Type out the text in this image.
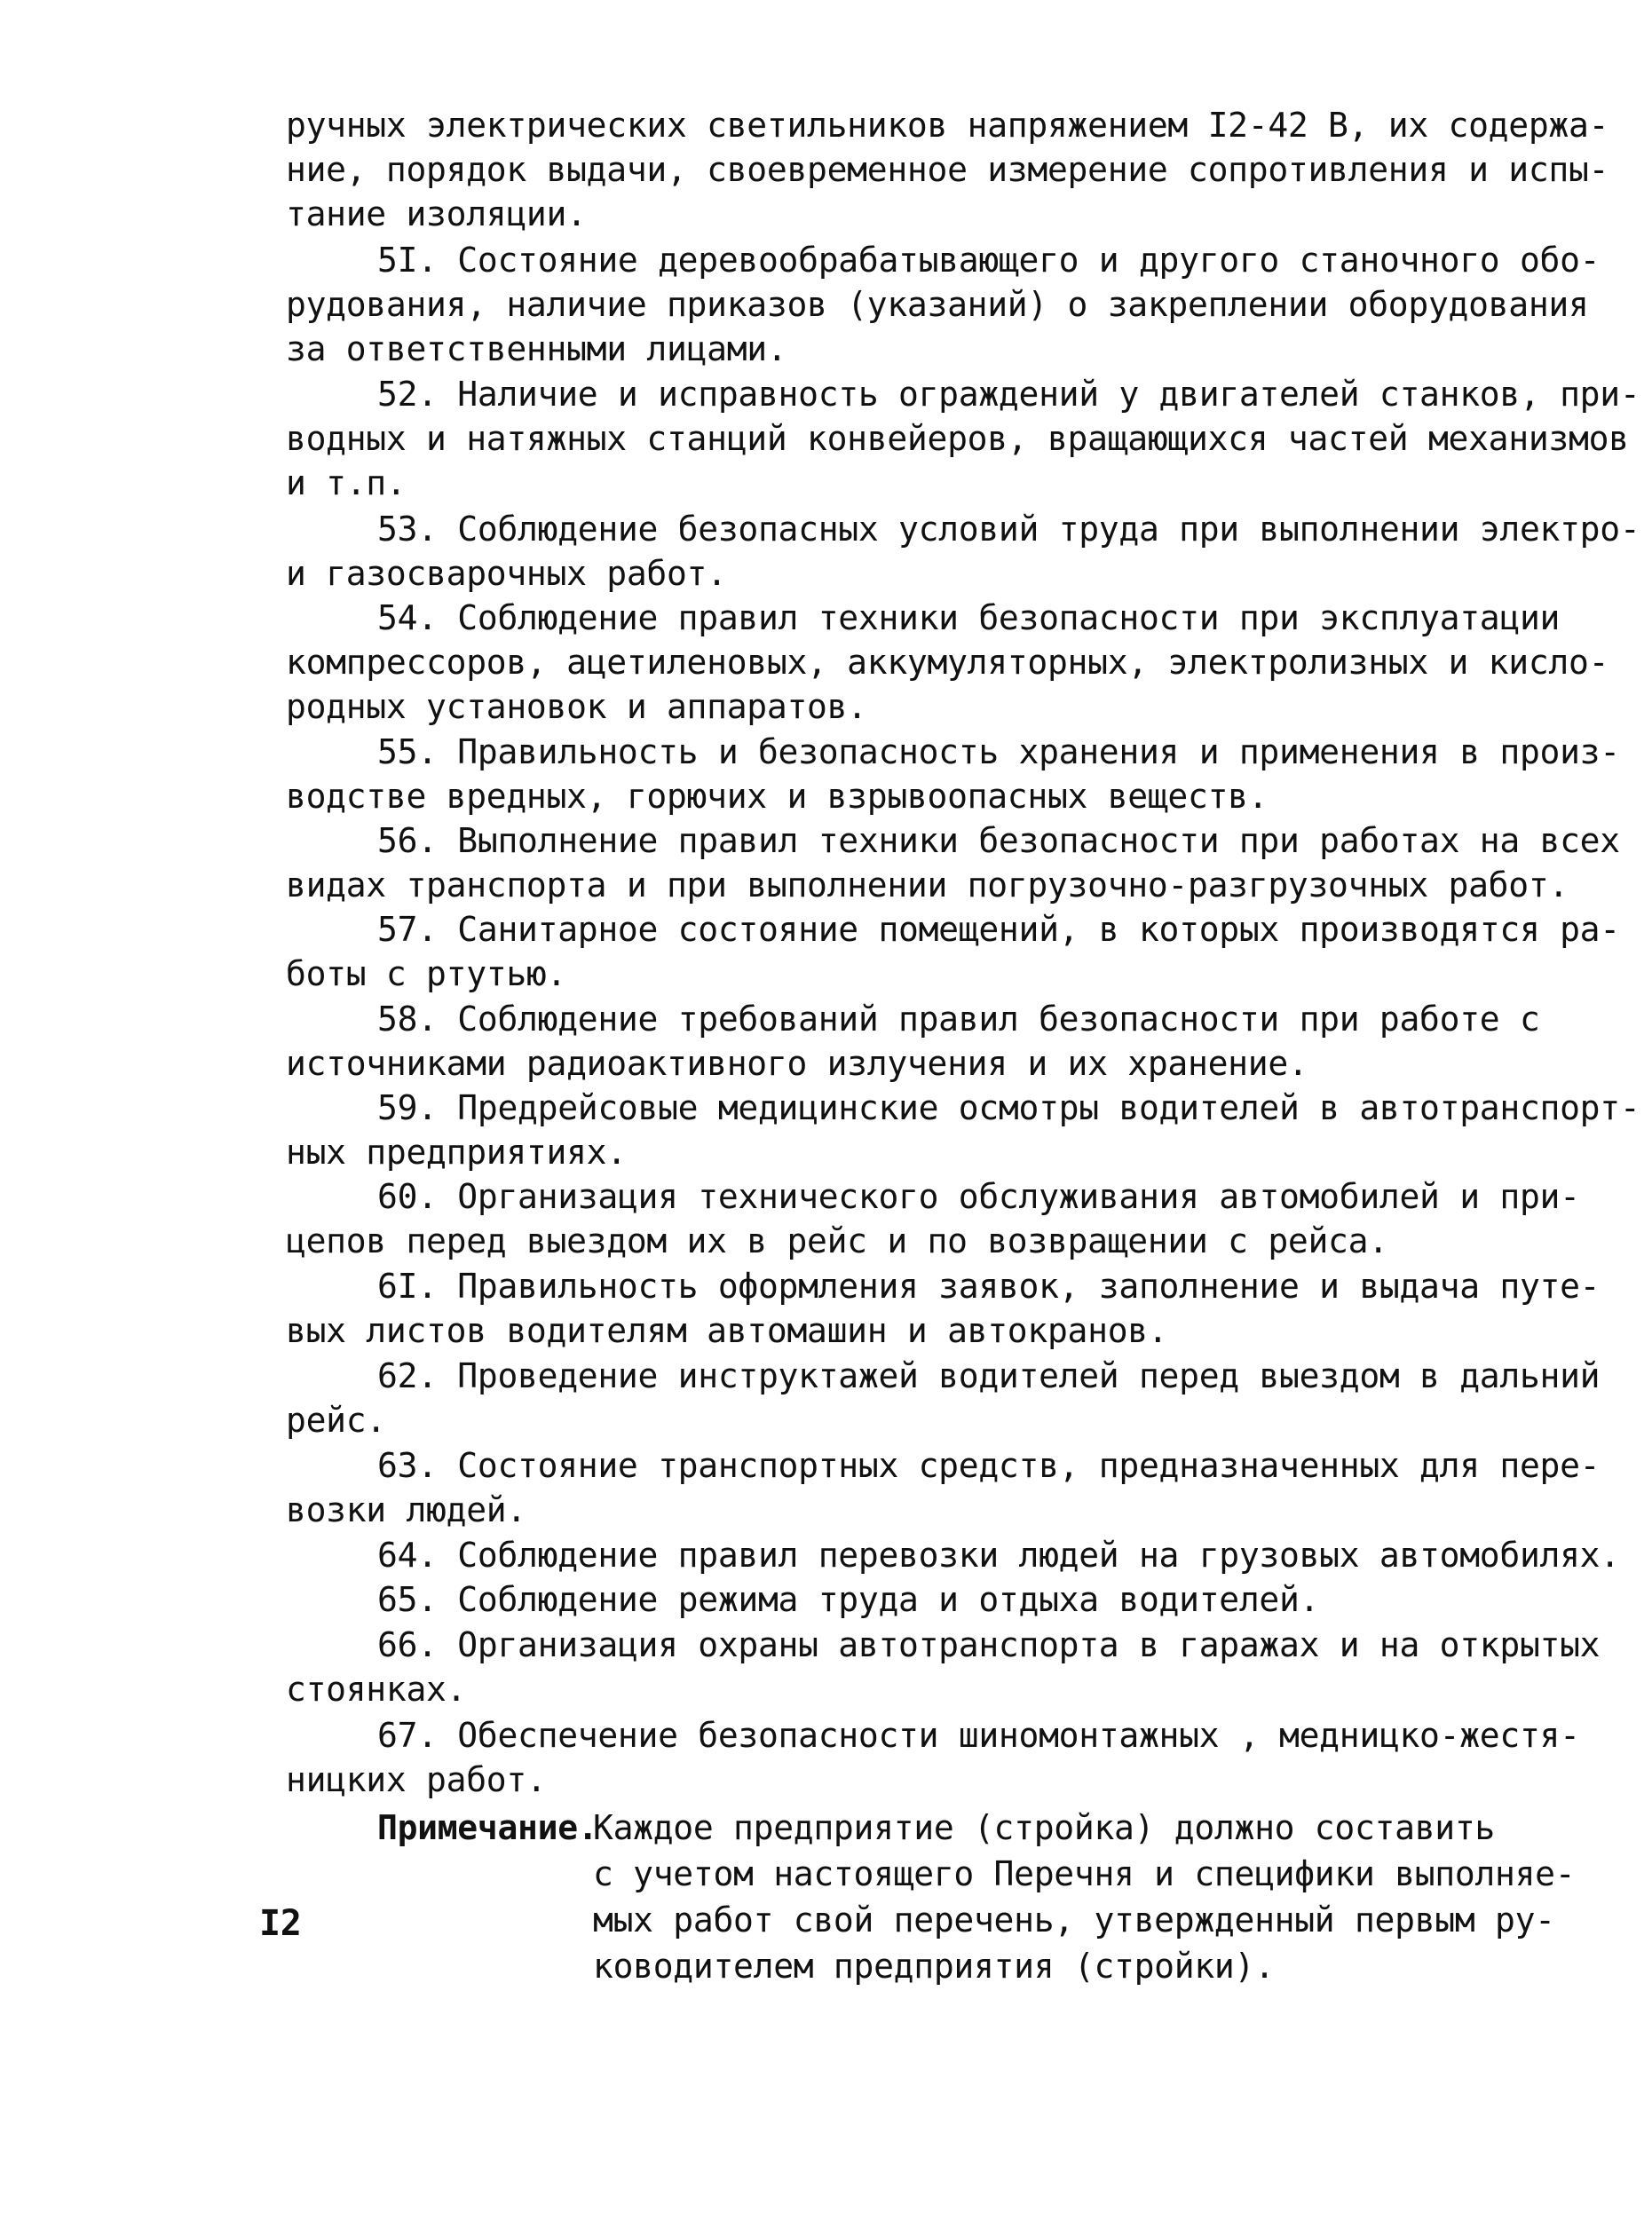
ручных электрических светильников напряжением I2-42 В, их содержа-
ние, порядок выдачи, своевременное измерение сопротивления и испы-
тание изоляции.
5I. Состояние деревообрабатывающего и другого станочного обо-
рудования, наличие приказов (указаний) о закреплении оборудования
за ответственными лицами.
52. Наличие и исправность ограждений у двигателей станков, при-
водных и натяжных станций конвейеров, вращающихся частей механизмов
и т.п.
53. Соблюдение безопасных условий труда при выполнении электро-
и газосварочных работ.
54. Соблюдение правил техники безопасности при эксплуатации
компрессоров, ацетиленовых, аккумуляторных, электролизных и кисло-
родных установок и аппаратов.
55. Правильность и безопасность хранения и применения в произ-
водстве вредных, горючих и взрывоопасных веществ.
56. Выполнение правил техники безопасности при работах на всех
видах транспорта и при выполнении погрузочно-разгрузочных работ.
57. Санитарное состояние помещений, в которых производятся ра-
боты с ртутью.
58. Соблюдение требований правил безопасности при работе с
источниками радиоактивного излучения и их хранение.
59. Предрейсовые медицинские осмотры водителей в автотранспорт-
ных предприятиях.
60. Организация технического обслуживания автомобилей и при-
цепов перед выездом их в рейс и по возвращении с рейса.
6I. Правильность оформления заявок, заполнение и выдача путе-
вых листов водителям автомашин и автокранов.
62. Проведение инструктажей водителей перед выездом в дальний
рейс.
63. Состояние транспортных средств, предназначенных для пере-
возки людей.
64. Соблюдение правил перевозки людей на грузовых автомобилях.
65. Соблюдение режима труда и отдыха водителей.
66. Организация охраны автотранспорта в гаражах и на открытых
стоянках.
67. Обеспечение безопасности шиномонтажных , медницко-жестя-
ницких работ.
Примечание.
Каждое предприятие (стройка) должно составить
с учетом настоящего Перечня и специфики выполняе-
мых работ свой перечень, утвержденный первым ру-
ководителем предприятия (стройки).
I2
